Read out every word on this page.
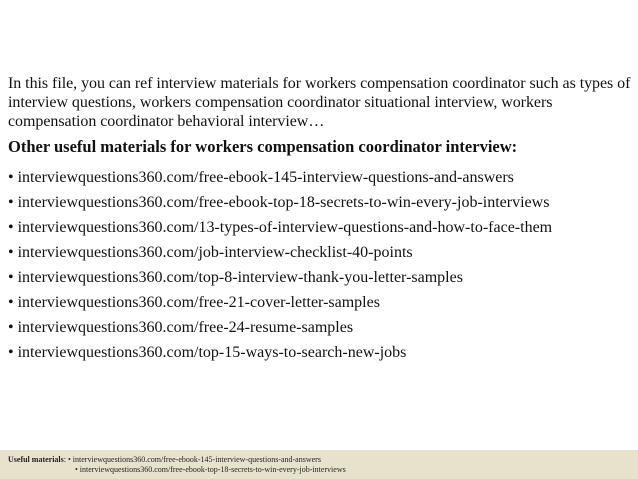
In this file, you can ref interview materials for workers compensation coordinator such as types of interview questions, workers compensation coordinator situational interview, workers compensation coordinator behavioral interview…

Other useful materials for workers compensation coordinator interview:

• interviewquestions360.com/free-ebook-145-interview-questions-and-answers
• interviewquestions360.com/free-ebook-top-18-secrets-to-win-every-job-interviews
• interviewquestions360.com/13-types-of-interview-questions-and-how-to-face-them
• interviewquestions360.com/job-interview-checklist-40-points
• interviewquestions360.com/top-8-interview-thank-you-letter-samples
• interviewquestions360.com/free-21-cover-letter-samples
• interviewquestions360.com/free-24-resume-samples
• interviewquestions360.com/top-15-ways-to-search-new-jobs
Useful materials: • interviewquestions360.com/free-ebook-145-interview-questions-and-answers
• interviewquestions360.com/free-ebook-top-18-secrets-to-win-every-job-interviews
